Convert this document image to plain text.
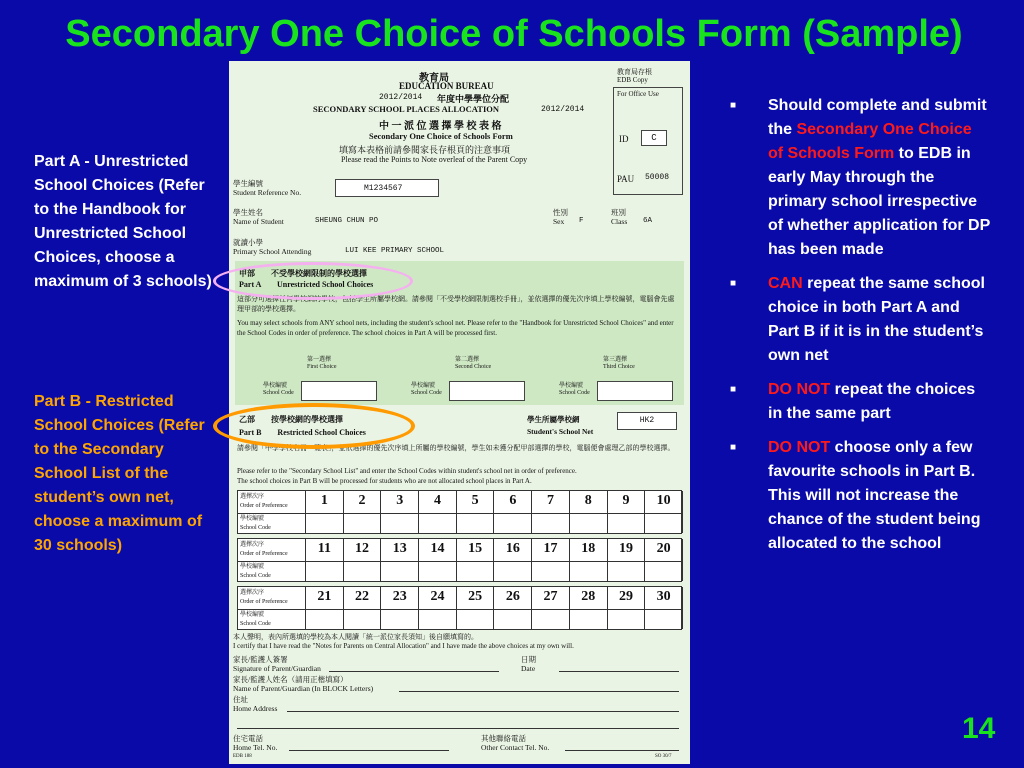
Secondary One Choice of Schools Form (Sample)
Part A - Unrestricted School Choices (Refer to the Handbook for Unrestricted School Choices, choose a maximum of 3 schools)
Part B - Restricted School Choices (Refer to the Secondary School List of the student’s own net, choose a maximum of 30 schools)
教育局
EDUCATION BUREAU
2012/2014 年度中學學位分配
SECONDARY SCHOOL PLACES ALLOCATION	2012/2014
中 一 派 位 選 擇 學 校 表 格
Secondary One Choice of Schools Form
填寫本表格前請參閱家長存根頁的注意事項
Please read the Points to Note overleaf of the Parent Copy
教育局存根
EDB Copy
For Office Use
ID	C
PAU 50008
學生編號
Student Reference No.	M1234567
學生姓名
Name of Student	SHEUNG CHUN PO
性別
Sex F
班別
Class 6A
就讀小學
Primary School Attending	LUI KEE PRIMARY SCHOOL
甲部　　不受學校網限制的學校選擇
Part A　　Unrestricted School Choices
這部分可選擇任何學校網的學校，包括學生所屬學校網。請參閱「不受學校網限制選校手冊」，並依選擇的優先次序填上學校編號，電腦會先處理甲部的學校選擇。
You may select schools from ANY school nets, including the student's school net. Please refer to the "Handbook for Unrestricted School Choices" and enter the School Codes in order of preference. The school choices in Part A will be processed first.
第一選擇
First Choice
第二選擇
Second Choice
第三選擇
Third Choice
學校編號
School Code
學校編號
School Code
學校編號
School Code
乙部　　按學校網的學校選擇
Part B　　Restricted School Choices
學生所屬學校網
Student's School Net
HK2
請參閱「中學學校名冊一覽表」，並依選擇的優先次序填上所屬的學校編號，學生如未獲分配甲部選擇的學校，電腦便會處理乙部的學校選擇。
Please refer to the "Secondary School List" and enter the School Codes within student's school net in order of preference.
The school choices in Part B will be processed for students who are not allocated school places in Part A.
選擇次序
Order of Preference
學校編號
School Code
1	2	3	4	5	6	7	8	9	10
選擇次序
Order of Preference
學校編號
School Code
11	12	13	14	15	16	17	18	19	20
選擇次序
Order of Preference
學校編號
School Code
21	22	23	24	25	26	27	28	29	30
本人聲明，表內所選填的學校為本人閱讀「統一派位家長須知」後自願填寫的。
I certify that I have read the "Notes for Parents on Central Allocation" and I have made the above choices at my own will.
家長/監護人簽署
Signature of Parent/Guardian
日期
Date
家長/監護人姓名（請用正楷填寫）
Name of Parent/Guardian (In BLOCK Letters)
住址
Home Address
住宅電話
Home Tel. No.
其他聯絡電話
Other Contact Tel. No.
EDB 188	SO 30/7
■ Should complete and submit the Secondary One Choice of Schools Form to EDB in early May through the primary school irrespective of whether application for DP has been made
■ CAN repeat the same school choice in both Part A and Part B if it is in the student’s own net
■ DO NOT repeat the choices in the same part
■ DO NOT choose only a few favourite schools in Part B. This will not increase the chance of the student being allocated to the school
14
